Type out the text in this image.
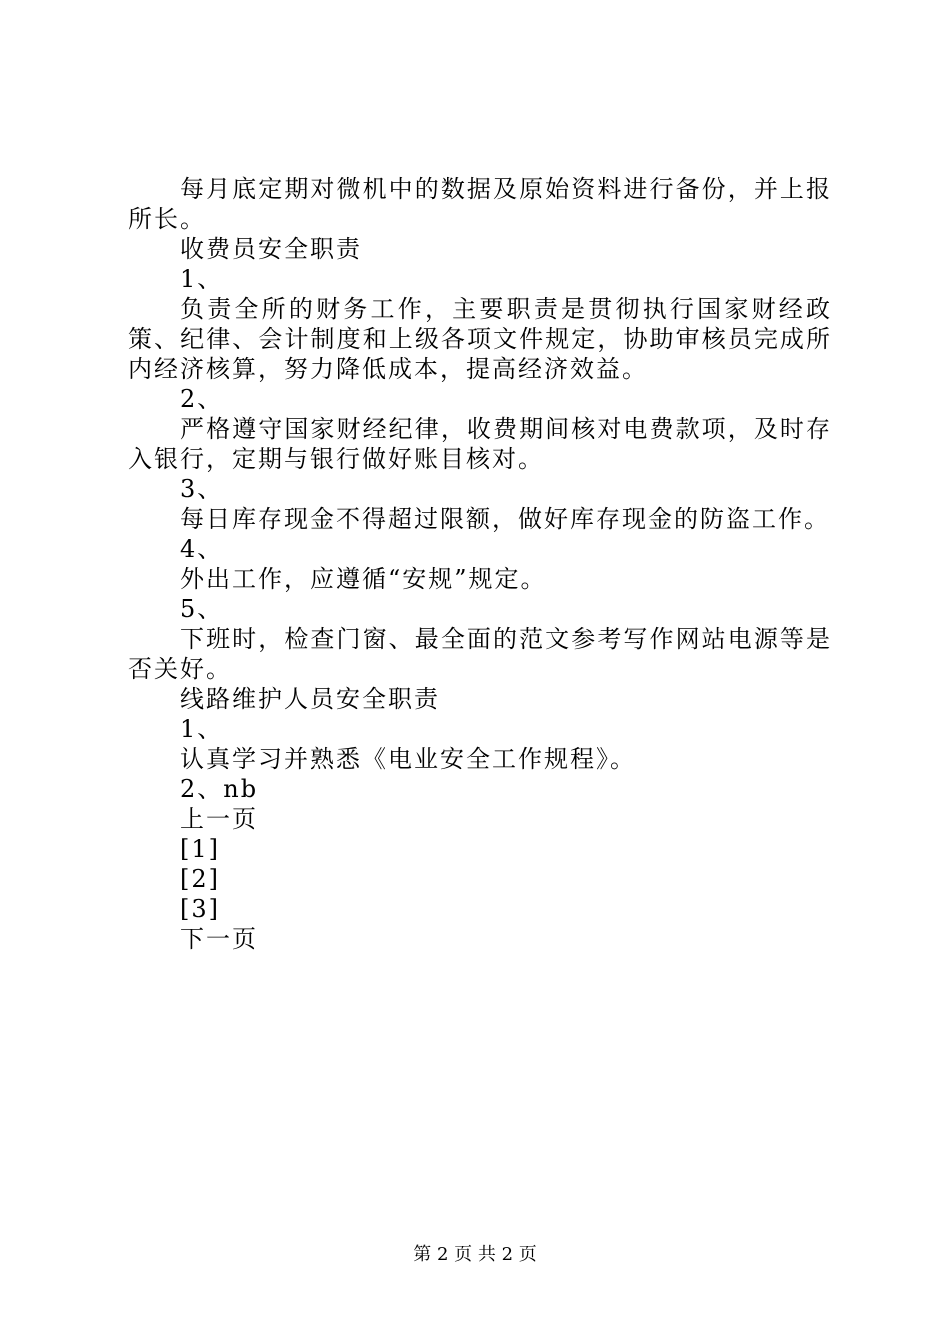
每月底定期对微机中的数据及原始资料进行备份，并上报所长。

收费员安全职责

1、

负责全所的财务工作，主要职责是贯彻执行国家财经政策、纪律、会计制度和上级各项文件规定，协助审核员完成所内经济核算，努力降低成本，提高经济效益。

2、

严格遵守国家财经纪律，收费期间核对电费款项，及时存入银行，定期与银行做好账目核对。

3、

每日库存现金不得超过限额，做好库存现金的防盗工作。

4、

外出工作，应遵循“安规”规定。

5、

下班时，检查门窗、最全面的范文参考写作网站电源等是否关好。

线路维护人员安全职责

1、

认真学习并熟悉《电业安全工作规程》。

2、nb

上一页

[1]

[2]

[3]

下一页

第 2 页 共 2 页
